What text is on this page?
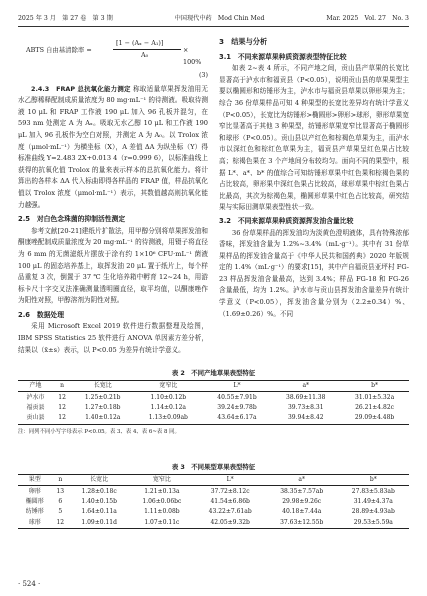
2025 年 3 月　第 27 卷　第 3 期	中国现代中药　Mod Chin Med	Mar. 2025　Vol. 27　No. 3
ABTS 自由基清除率 =
[1 − (Aₓ − A₁)]
A₀
× 100%
(3)

2.4.3　FRAP 总抗氧化能力测定 称取适量草果挥发油用无水乙醇稀释配制成质量浓度为 80 mg·mL⁻¹ 的待测液。吸取待测液 10 μL 和 FRAP 工作液 190 μL 加入 96 孔板并混匀，在 593 nm 处测定 A 为 Aₓ。吸取无水乙醇 10 μL 和工作液 190 μL 加入 96 孔板作为空白对照，并测定 A 为 A₀。以 Trolox 浓度（μmol·mL⁻¹）为横坐标（X），A 差值 ΔA 为纵坐标（Y）得标准曲线 Y=2.483 2X+0.013 4（r=0.999 6），以标准曲线上获得的抗氧化值 Trolox 的量来表示样本的总抗氧化能力。将计算出的各样本 ΔA 代入标曲即得各样品的 FRAP 值，样品抗氧化值以 Trolox 浓度（μmol·mL⁻¹）表示，其数值越高则抗氧化能力越强。

2.5　对白色念珠菌的抑制活性测定

参考文献[20-21]建纸片扩散法，用甲醇分别将草果挥发油和酮康唑配制成质量浓度为 20 mg·mL⁻¹ 的待测液，用镊子将直径为 6 mm 的无菌滤纸片摆放于涂有约 1×10⁶ CFU·mL⁻¹ 菌液 100 μL 的固态培养基上，取挥发油 20 μL 置于纸片上，每个样品重复 3 次，倒置于 37 ℃ 生化培养箱中孵育 12~24 h，用游标卡尺十字交叉法准确测量透明圈直径，取平均值，以酮康唑作为阳性对照，甲醇溶剂为阴性对照。

2.6　数据处理

采用 Microsoft Excel 2019 软件进行数据整理及绘图，IBM SPSS Statistics 25 软件进行 ANOVA 单因素方差分析，结果以（x̄±s）表示，以 P<0.05 为差异有统计学意义。

3　结果与分析
3.1　不同来源草果种质资源表型特征比较

如表 2~表 4 所示，不同产地之间，贡山县产草果的长宽比显著高于泸水市和福贡县（P<0.05），说明贡山县的草果果型主要以椭圆形和纺锤形为主，泸水市与福贡县草果以卵形果为主；综合 36 份草果样品可知 4 种果型的长宽比差异均有统计学意义（P<0.05），长宽比为纺锤形>椭圆形>卵形>球形，卵形草果宽窄比显著高于其他 3 种果型，纺锤形草果宽窄比显著高于椭圆形和球形（P<0.05）。贡山县以产红色和棕褐色草果为主，而泸水市以深红色和棕红色草果为主，福贡县产草果呈红色果占比较高；棕褐色果在 3 个产地间分布较均匀。面向不同的果型中，根据 L*、a*、b* 的值综合可知纺锤形草果中红色果和棕褐色果的占比较高，卵形果中深红色果占比较高，球形草果中棕红色果占比最高，其次为棕褐色果，椭圆形草果中红色占比较高，研究结果与实际田测草果表型性状一致。

3.2　不同来源草果种质资源挥发油含量比较

36 份草果样品的挥发油均为淡黄色澄明液体，具有特殊浓郁香味，挥发油含量为 1.2%~3.4%（mL·g⁻¹）。其中有 31 份草果样品的挥发油含量高于《中华人民共和国药典》2020 年版规定的 1.4%（mL·g⁻¹）的要求[15]，其中产自福贡县亚坪村 FG-23 样品挥发油含量最高，达到 3.4%；样品 FG-18 和 FG-26 含量最低，均为 1.2%。泸水市与贡山县挥发油含量差异有统计学意义（P<0.05），挥发油含量分别为（2.2±0.34）%、（1.69±0.26）%。不同

表 2　不同产地草果表型特征
产地	n	长宽比	宽窄比	L*	a*	b*
泸水市	12	1.25±0.21b	1.10±0.12b	40.55±7.91b	38.69±11.38	31.01±5.32a
福贡县	12	1.27±0.18b	1.14±0.12a	39.24±9.78b	39.73±8.31	26.21±4.82c
贡山县	12	1.40±0.12a	1.13±0.09ab	43.64±6.17a	39.94±8.42	29.09±4.48b
注：同列不同小写字母表示 P<0.05。表 3、表 4、表 6~表 8 同。
表 3　不同果型草果表型特征
果型	n	长宽比	宽窄比	L*	a*	b*
卵形	13	1.28±0.18c	1.21±0.13a	37.72±8.12c	38.35±7.57ab	27.83±5.83ab
椭圆形	6	1.40±0.15b	1.06±0.06bc	41.54±6.86b	29.98±9.26c	31.49±4.37a
纺锤形	5	1.64±0.11a	1.11±0.08b	43.22±7.61ab	40.18±7.44a	28.89±4.93ab
球形	12	1.09±0.11d	1.07±0.11c	42.05±9.32b	37.63±12.55b	29.53±5.59a
· 524 ·
